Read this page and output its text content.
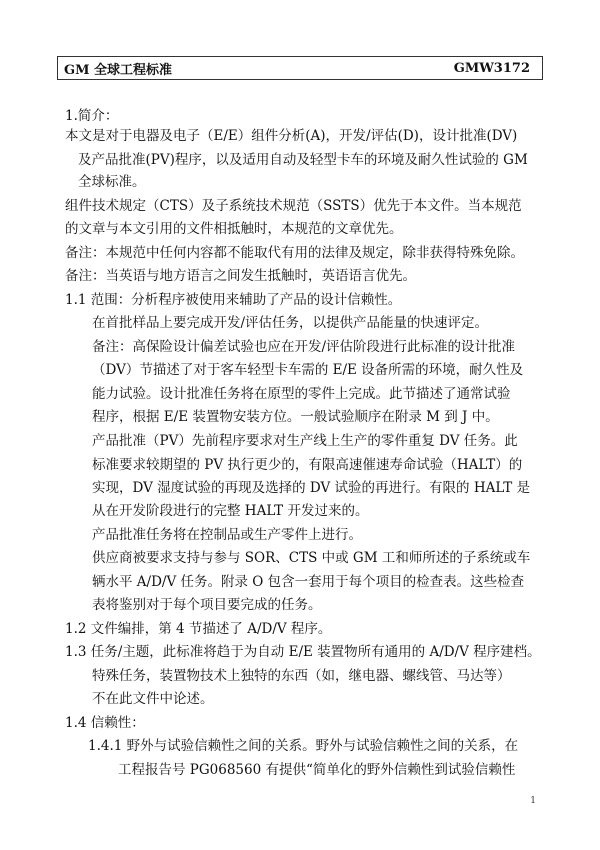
GM 全球工程标准	GMW3172
1.简介：
本文是对于电器及电子（E/E）组件分析(A)，开发/评估(D)，设计批准(DV)
及产品批准(PV)程序，以及适用自动及轻型卡车的环境及耐久性试验的 GM
全球标准。
组件技术规定（CTS）及子系统技术规范（SSTS）优先于本文件。当本规范
的文章与本文引用的文件相抵触时，本规范的文章优先。
备注：本规范中任何内容都不能取代有用的法律及规定，除非获得特殊免除。
备注：当英语与地方语言之间发生抵触时，英语语言优先。
1.1 范围：分析程序被使用来辅助了产品的设计信赖性。
在首批样品上要完成开发/评估任务，以提供产品能量的快速评定。
备注：高保险设计偏差试验也应在开发/评估阶段进行此标准的设计批准
（DV）节描述了对于客车轻型卡车需的 E/E 设备所需的环境，耐久性及
能力试验。设计批准任务将在原型的零件上完成。此节描述了通常试验
程序，根据 E/E 装置物安装方位。一般试验顺序在附录 M 到 J 中。
产品批准（PV）先前程序要求对生产线上生产的零件重复 DV 任务。此
标准要求较期望的 PV 执行更少的，有限高速催速寿命试验（HALT）的
实现，DV 湿度试验的再现及选择的 DV 试验的再进行。有限的 HALT 是
从在开发阶段进行的完整 HALT 开发过来的。
产品批准任务将在控制品或生产零件上进行。
供应商被要求支持与参与 SOR、CTS 中或 GM 工和师所述的子系统或车
辆水平 A/D/V 任务。附录 O 包含一套用于每个项目的检查表。这些检查
表将鉴别对于每个项目要完成的任务。
1.2 文件编排，第 4 节描述了 A/D/V 程序。
1.3 任务/主题，此标准将趋于为自动 E/E 装置物所有通用的 A/D/V 程序建档。
特殊任务，装置物技术上独特的东西（如，继电器、螺线管、马达等）
不在此文件中论述。
1.4 信赖性：
1.4.1 野外与试验信赖性之间的关系。野外与试验信赖性之间的关系，在
工程报告号 PG068560 有提供“简单化的野外信赖性到试验信赖性
1
